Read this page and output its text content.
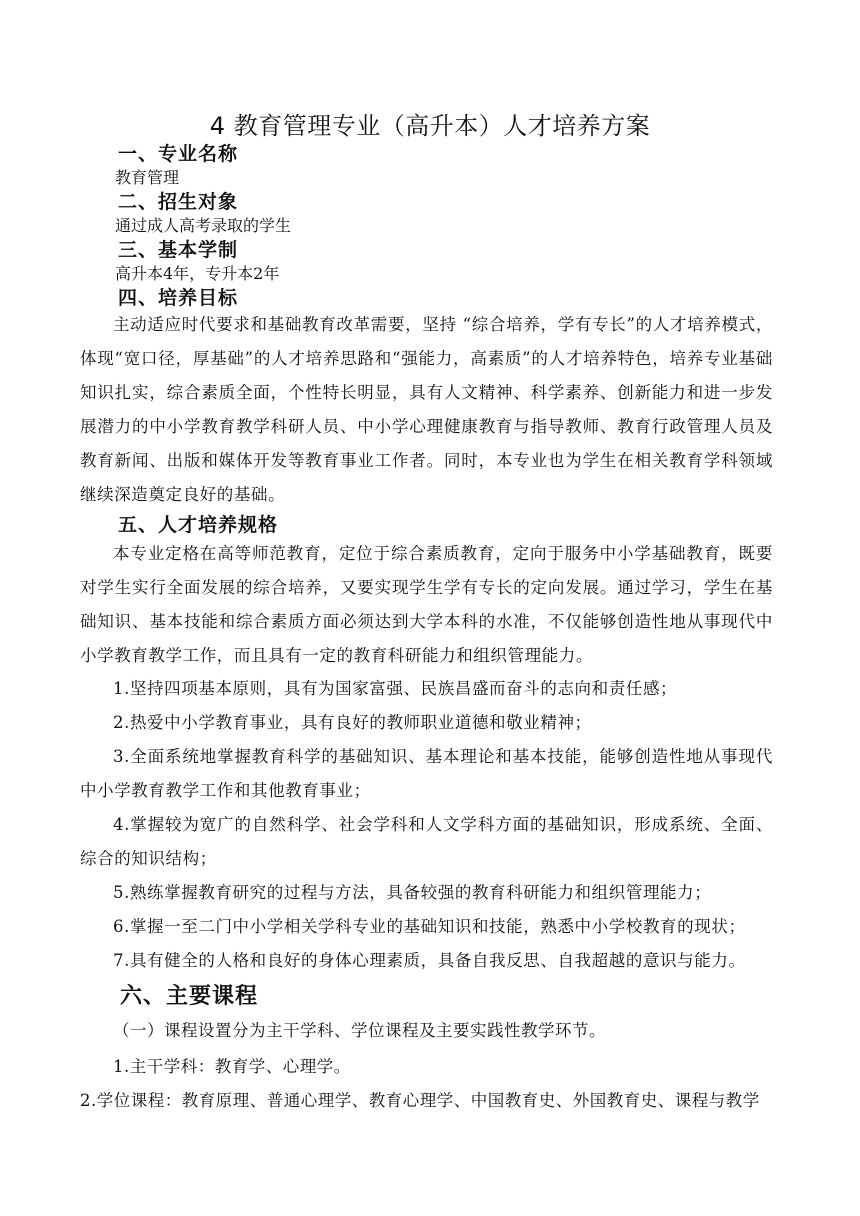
4 教育管理专业（高升本）人才培养方案
一、专业名称
教育管理
二、招生对象
通过成人高考录取的学生
三、基本学制
高升本4年，专升本2年
四、培养目标
主动适应时代要求和基础教育改革需要，坚持 “综合培养，学有专长”的人才培养模式，体现“宽口径，厚基础”的人才培养思路和“强能力，高素质”的人才培养特色，培养专业基础知识扎实，综合素质全面，个性特长明显，具有人文精神、科学素养、创新能力和进一步发展潜力的中小学教育教学科研人员、中小学心理健康教育与指导教师、教育行政管理人员及教育新闻、出版和媒体开发等教育事业工作者。同时，本专业也为学生在相关教育学科领域继续深造奠定良好的基础。
五、人才培养规格
本专业定格在高等师范教育，定位于综合素质教育，定向于服务中小学基础教育，既要对学生实行全面发展的综合培养，又要实现学生学有专长的定向发展。通过学习，学生在基础知识、基本技能和综合素质方面必须达到大学本科的水准，不仅能够创造性地从事现代中小学教育教学工作，而且具有一定的教育科研能力和组织管理能力。
1.坚持四项基本原则，具有为国家富强、民族昌盛而奋斗的志向和责任感；
2.热爱中小学教育事业，具有良好的教师职业道德和敬业精神；
3.全面系统地掌握教育科学的基础知识、基本理论和基本技能，能够创造性地从事现代中小学教育教学工作和其他教育事业；
4.掌握较为宽广的自然科学、社会学科和人文学科方面的基础知识，形成系统、全面、综合的知识结构；
5.熟练掌握教育研究的过程与方法，具备较强的教育科研能力和组织管理能力；
6.掌握一至二门中小学相关学科专业的基础知识和技能，熟悉中小学校教育的现状；
7.具有健全的人格和良好的身体心理素质，具备自我反思、自我超越的意识与能力。
六、主要课程
（一）课程设置分为主干学科、学位课程及主要实践性教学环节。
1.主干学科：教育学、心理学。
2.学位课程：教育原理、普通心理学、教育心理学、中国教育史、外国教育史、课程与教学
